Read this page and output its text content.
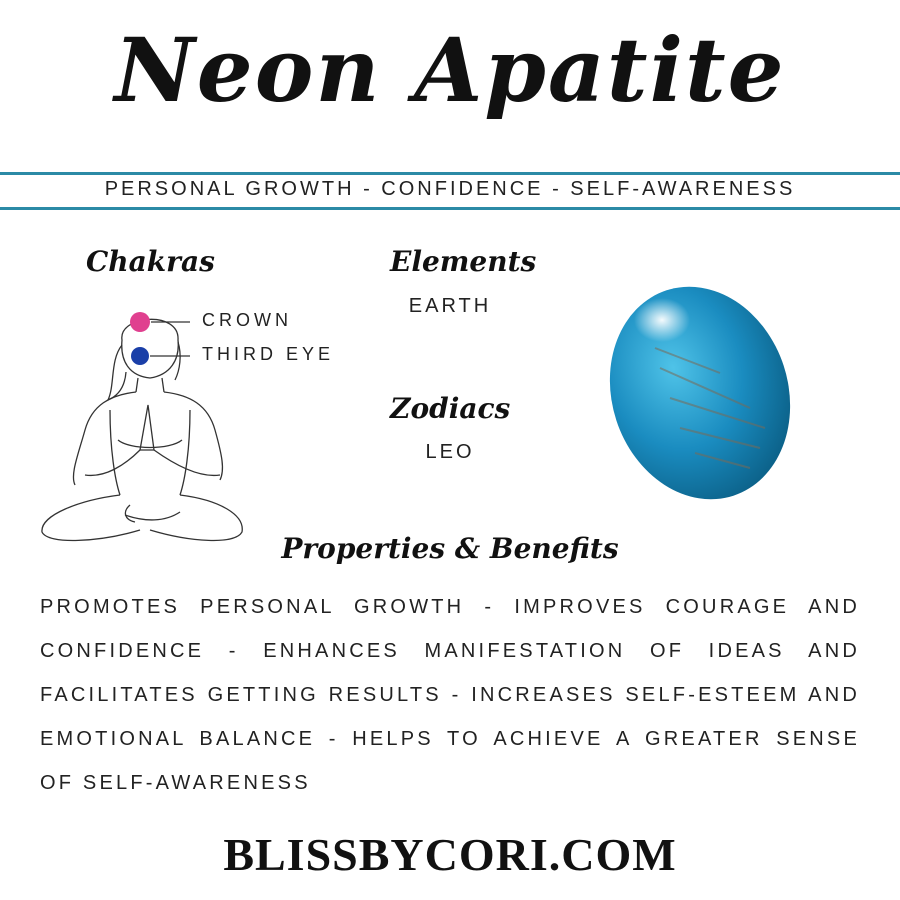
Neon Apatite
PERSONAL GROWTH - CONFIDENCE - SELF-AWARENESS
Chakras
CROWN
THIRD EYE
Elements
EARTH
Zodiacs
LEO
Properties & Benefits
PROMOTES PERSONAL GROWTH - IMPROVES COURAGE AND CONFIDENCE - ENHANCES MANIFESTATION OF IDEAS AND FACILITATES GETTING RESULTS - INCREASES SELF-ESTEEM AND EMOTIONAL BALANCE - HELPS TO ACHIEVE A GREATER SENSE OF SELF-AWARENESS
BLISSBYCORI.COM
